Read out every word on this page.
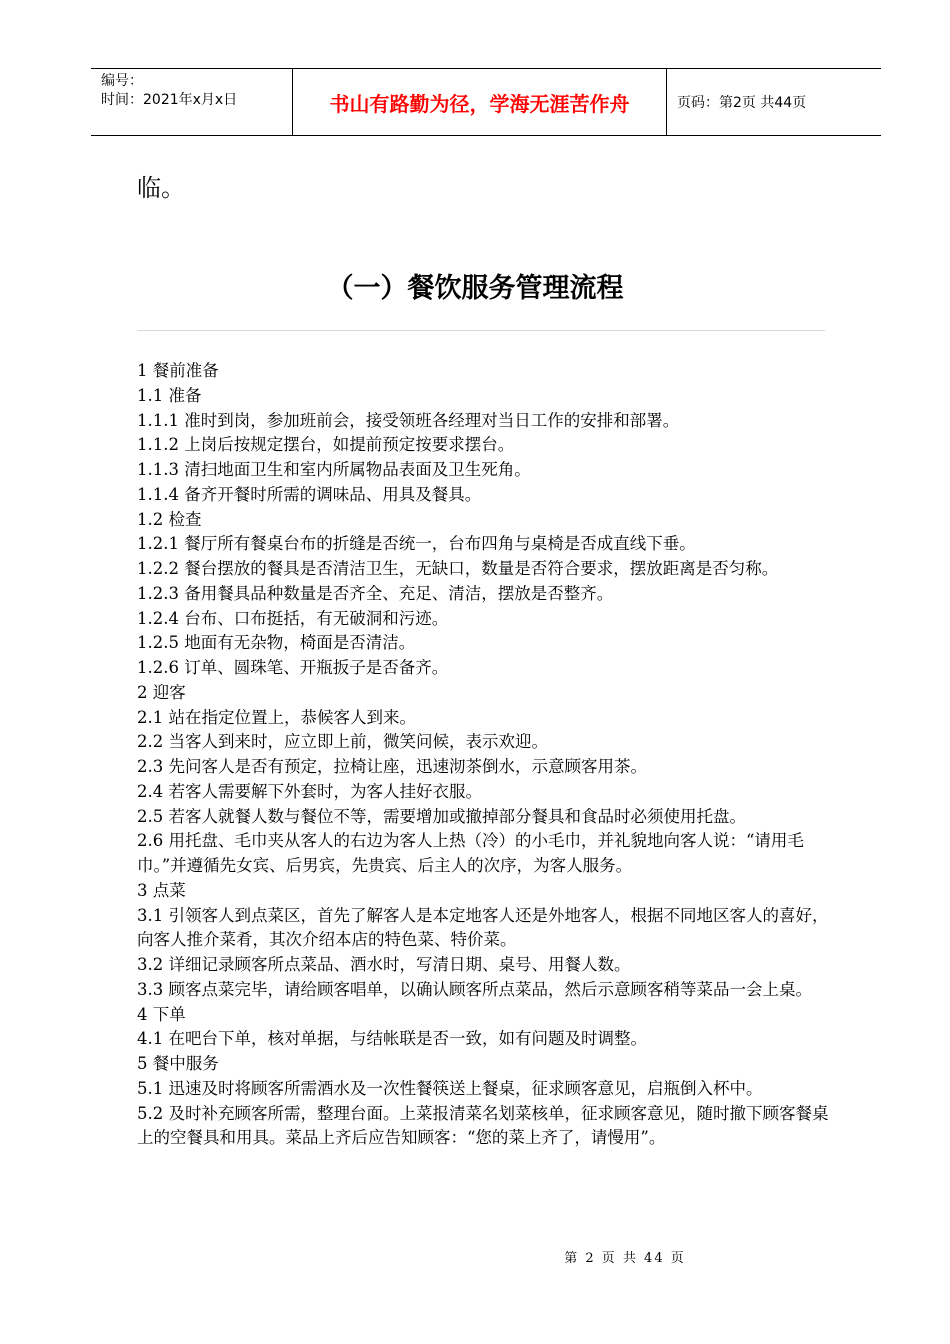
编号：
时间：2021年x月x日	书山有路勤为径，学海无涯苦作舟	页码：第2页 共44页
临。
（一）餐饮服务管理流程

1 餐前准备

1.1 准备

1.1.1 准时到岗，参加班前会，接受领班各经理对当日工作的安排和部署。

1.1.2 上岗后按规定摆台，如提前预定按要求摆台。

1.1.3 清扫地面卫生和室内所属物品表面及卫生死角。

1.1.4 备齐开餐时所需的调味品、用具及餐具。

1.2 检查

1.2.1 餐厅所有餐桌台布的折缝是否统一，台布四角与桌椅是否成直线下垂。

1.2.2 餐台摆放的餐具是否清洁卫生，无缺口，数量是否符合要求，摆放距离是否匀称。

1.2.3 备用餐具品种数量是否齐全、充足、清洁，摆放是否整齐。

1.2.4 台布、口布挺括，有无破洞和污迹。

1.2.5 地面有无杂物，椅面是否清洁。

1.2.6 订单、圆珠笔、开瓶扳子是否备齐。

2 迎客

2.1 站在指定位置上，恭候客人到来。

2.2 当客人到来时，应立即上前，微笑问候，表示欢迎。

2.3 先问客人是否有预定，拉椅让座，迅速沏茶倒水，示意顾客用茶。

2.4 若客人需要解下外套时，为客人挂好衣服。

2.5 若客人就餐人数与餐位不等，需要增加或撤掉部分餐具和食品时必须使用托盘。

2.6 用托盘、毛巾夹从客人的右边为客人上热（冷）的小毛巾，并礼貌地向客人说：“请用毛巾。”并遵循先女宾、后男宾，先贵宾、后主人的次序，为客人服务。

3 点菜

3.1 引领客人到点菜区，首先了解客人是本定地客人还是外地客人，根据不同地区客人的喜好，向客人推介菜肴，其次介绍本店的特色菜、特价菜。

3.2 详细记录顾客所点菜品、酒水时，写清日期、桌号、用餐人数。

3.3 顾客点菜完毕，请给顾客唱单，以确认顾客所点菜品，然后示意顾客稍等菜品一会上桌。

4 下单

4.1 在吧台下单，核对单据，与结帐联是否一致，如有问题及时调整。

5 餐中服务

5.1 迅速及时将顾客所需酒水及一次性餐筷送上餐桌，征求顾客意见，启瓶倒入杯中。

5.2 及时补充顾客所需，整理台面。上菜报清菜名划菜核单，征求顾客意见，随时撤下顾客餐桌上的空餐具和用具。菜品上齐后应告知顾客：“您的菜上齐了，请慢用”。

第 2 页 共 44 页
